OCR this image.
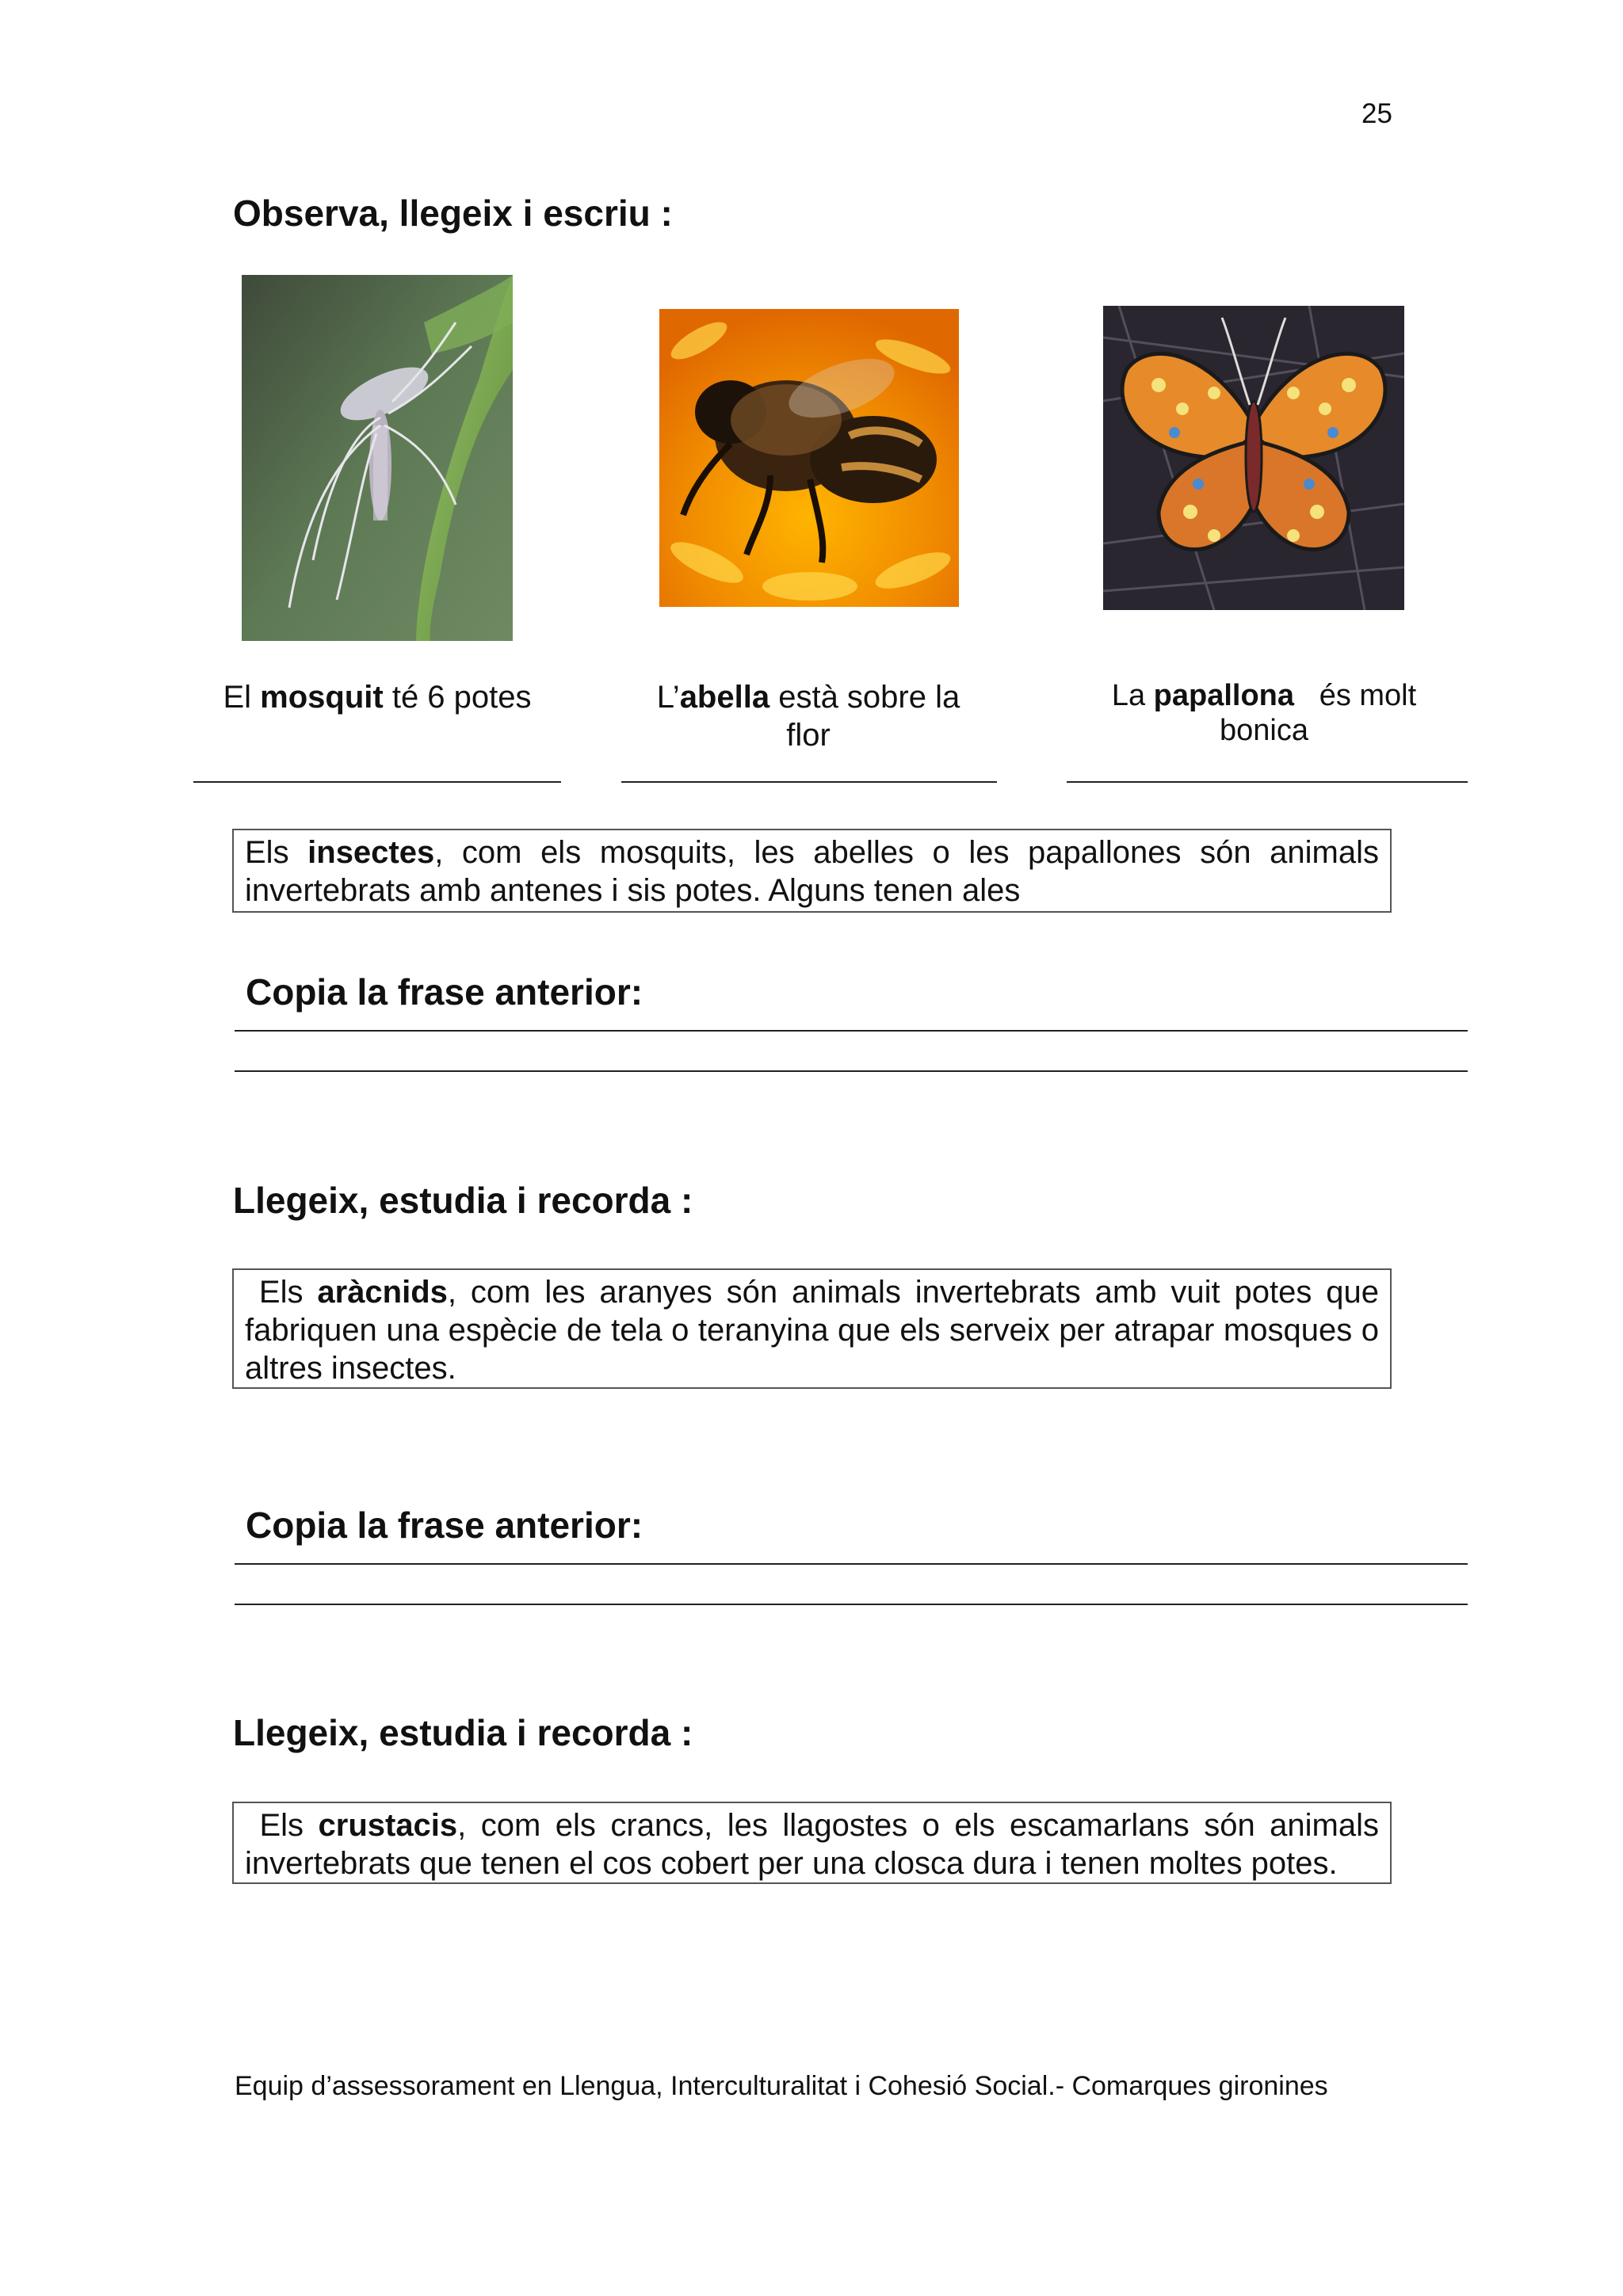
25
Observa, llegeix i escriu :
El mosquit té 6 potes	L’abella està sobre la flor
La papallona   és molt bonica
Els insectes, com els mosquits, les abelles o les papallones són animals invertebrats amb antenes i sis potes. Alguns tenen ales
Copia la frase anterior:
Llegeix, estudia i recorda :
Els aràcnids, com les aranyes són animals invertebrats amb vuit potes que fabriquen una espècie de tela o teranyina que els serveix per atrapar mosques o altres insectes.
Copia la frase anterior:
Llegeix, estudia i recorda :
Els crustacis, com els crancs, les llagostes o els escamarlans són animals invertebrats que tenen el cos cobert per una closca dura i tenen moltes potes.
Equip d’assessorament en Llengua, Interculturalitat i Cohesió Social.- Comarques gironines
